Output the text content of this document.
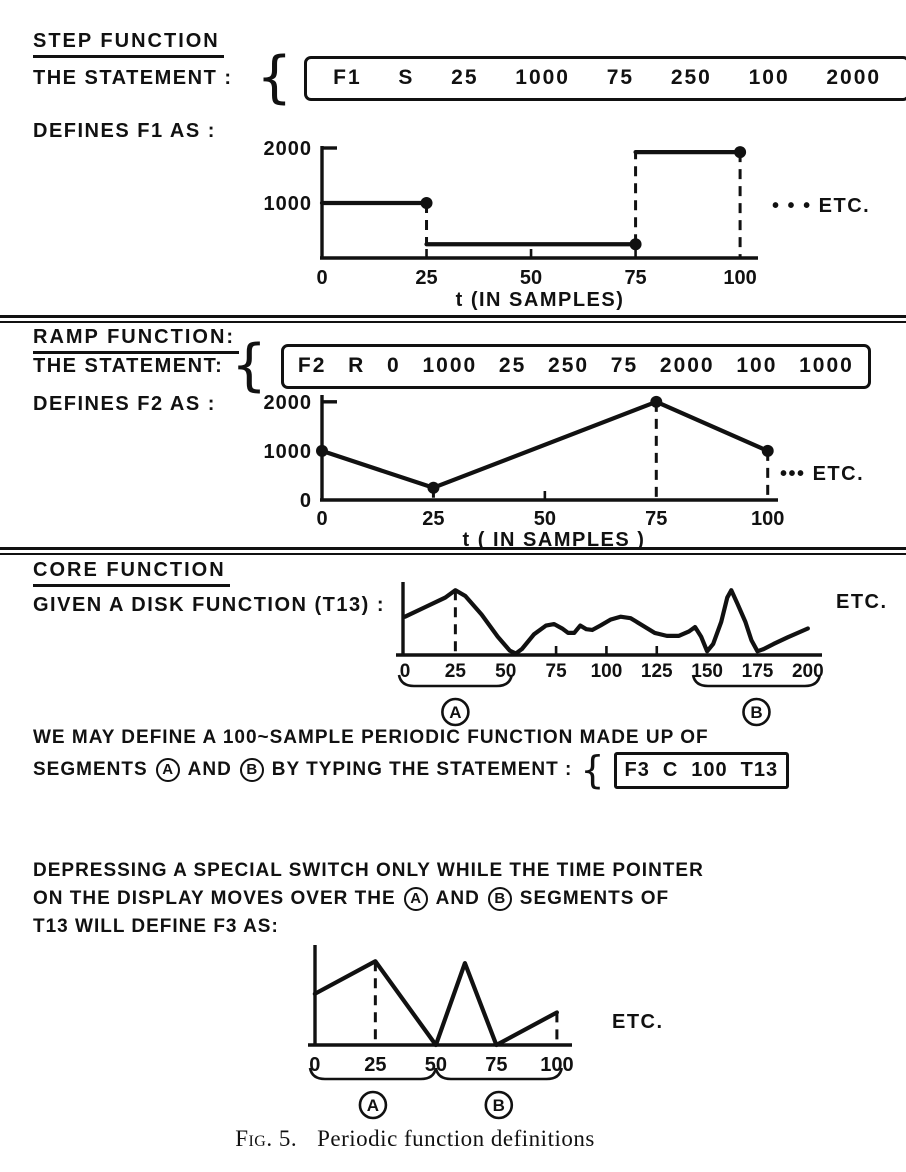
STEP FUNCTION
THE STATEMENT : { F1 S 25 1000 75 250 100 2000
DEFINES F1 AS :
0	25	50	75	100
1000
2000
t (IN SAMPLES)
• • • ETC.
RAMP FUNCTION:
THE STATEMENT: { F2 R 0 1000 25 250 75 2000 100 1000
DEFINES F2 AS :
0	25	50	75	100
0
1000
2000
t ( IN SAMPLES )
••• ETC.
CORE FUNCTION
GIVEN A DISK FUNCTION (T13) :
0 25 50 75 100 125 150 175 200
A	B
ETC.
WE MAY DEFINE A 100~SAMPLE PERIODIC FUNCTION MADE UP OF
SEGMENTS A AND B BY TYPING THE STATEMENT : { F3 C 100 T13
DEPRESSING A SPECIAL SWITCH ONLY WHILE THE TIME POINTER
ON THE DISPLAY MOVES OVER THE A AND B SEGMENTS OF
T13 WILL DEFINE F3 AS:
0 25 50 75 100
A	B
ETC.
Fig. 5. Periodic function definitions
